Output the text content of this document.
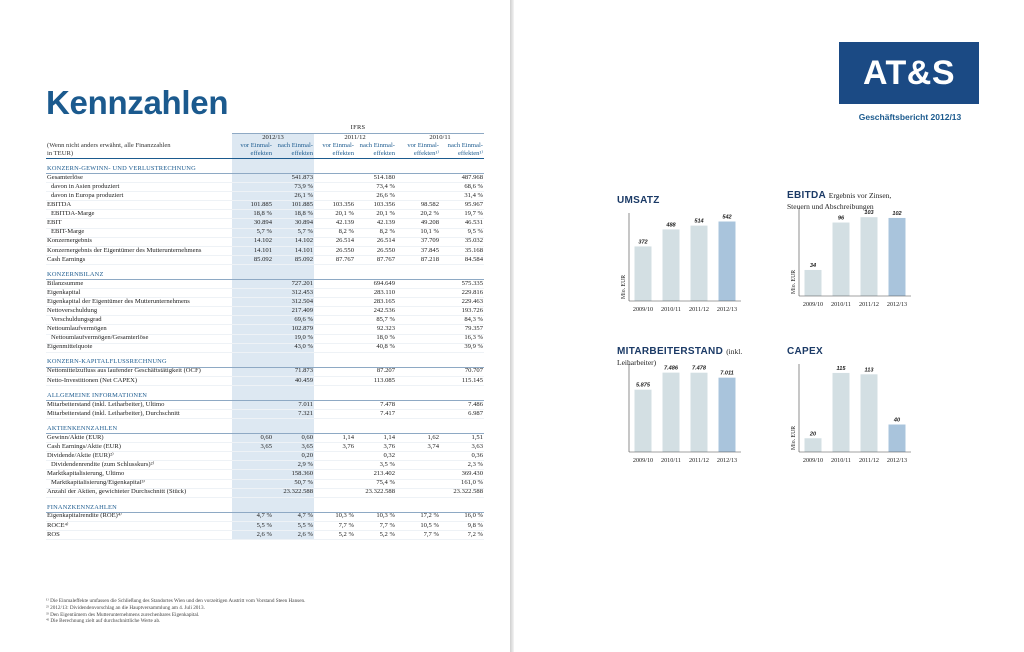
Kennzahlen
	IFRS					
	2012/13		2011/12		2010/11	
(Wenn nicht anders erwähnt, alle Finanzzahlen	vor Einmal-	nach Einmal-	vor Einmal-	nach Einmal-	vor Einmal-	nach Einmal-
in TEUR)	effekten	effekten	effekten	effekten	effekten¹⁾	effekten¹⁾
KONZERN-GEWINN- UND VERLUSTRECHNUNG						
Gesamterlöse		541.873		514.180		487.968
davon in Asien produziert		73,9 %		73,4 %		68,6 %
davon in Europa produziert		26,1 %		26,6 %		31,4 %
EBITDA	101.885	101.885	103.356	103.356	98.582	95.967
EBITDA-Marge	18,8 %	18,8 %	20,1 %	20,1 %	20,2 %	19,7 %
EBIT	30.894	30.894	42.139	42.139	49.208	46.531
EBIT-Marge	5,7 %	5,7 %	8,2 %	8,2 %	10,1 %	9,5 %
Konzernergebnis	14.102	14.102	26.514	26.514	37.709	35.032
Konzernergebnis der Eigentümer des Mutterunternehmens	14.101	14.101	26.550	26.550	37.845	35.168
Cash Earnings	85.092	85.092	87.767	87.767	87.218	84.584
KONZERNBILANZ						
Bilanzsumme		727.201		694.649		575.335
Eigenkapital		312.453		283.110		229.816
Eigenkapital der Eigentümer des Mutterunternehmens		312.504		283.165		229.463
Nettoverschuldung		217.409		242.536		193.726
Verschuldungsgrad		69,6 %		85,7 %		84,3 %
Nettoumlaufvermögen		102.879		92.323		79.357
Nettoumlaufvermögen/Gesamterlöse		19,0 %		18,0 %		16,3 %
Eigenmittelquote		43,0 %		40,8 %		39,9 %
KONZERN-KAPITALFLUSSRECHNUNG						
Nettomittelzufluss aus laufender Geschäftstätigkeit (OCF)		71.873		87.207		70.707
Netto-Investitionen (Net CAPEX)		40.459		113.085		115.145
ALLGEMEINE INFORMATIONEN						
Mitarbeiterstand (inkl. Leiharbeiter), Ultimo		7.011		7.478		7.486
Mitarbeiterstand (inkl. Leiharbeiter), Durchschnitt		7.321		7.417		6.987
AKTIENKENNZAHLEN						
Gewinn/Aktie (EUR)	0,60	0,60	1,14	1,14	1,62	1,51
Cash Earnings/Aktie (EUR)	3,65	3,65	3,76	3,76	3,74	3,63
Dividende/Aktie (EUR)²⁾		0,20		0,32		0,36
Dividendenrendite (zum Schlusskurs)²⁾		2,9 %		3,5 %		2,3 %
Marktkapitalisierung, Ultimo		158.360		213.402		369.430
Marktkapitalisierung/Eigenkapital³⁾		50,7 %		75,4 %		161,0 %
Anzahl der Aktien, gewichteter Durchschnitt (Stück)		23.322.588		23.322.588		23.322.588
FINANZKENNZAHLEN						
Eigenkapitalrendite (ROE)⁴⁾	4,7 %	4,7 %	10,3 %	10,3 %	17,2 %	16,0 %
ROCE⁴⁾	5,5 %	5,5 %	7,7 %	7,7 %	10,5 %	9,8 %
ROS	2,6 %	2,6 %	5,2 %	5,2 %	7,7 %	7,2 %
¹⁾ Die Einmaleffekte umfassen die Schließung des Standortes Wien und den vorzeitigen Austritt vom Vorstand Steen Hansen.
²⁾ 2012/13: Dividendenvorschlag an die Hauptversammlung am 4. Juli 2013.
³⁾ Den Eigentümern des Mutterunternehmens zurechenbares Eigenkapital.
⁴⁾ Die Berechnung zielt auf durchschnittliche Werte ab.
AT&S
Geschäftsbericht 2012/13
372
2009/10
488
2010/11
514
2011/12
542
2012/13
Mio. EUR
UMSATZ
34
2009/10
96
2010/11
103
2011/12
102
2012/13
Mio. EUR
EBITDA Ergebnis vor Zinsen,
Steuern und Abschreibungen
5.875
2009/10
7.486
2010/11
7.478
2011/12
7.011
2012/13
MITARBEITERSTAND (inkl.
Leiharbeiter)
20
2009/10
115
2010/11
113
2011/12
40
2012/13
Mio. EUR
CAPEX
